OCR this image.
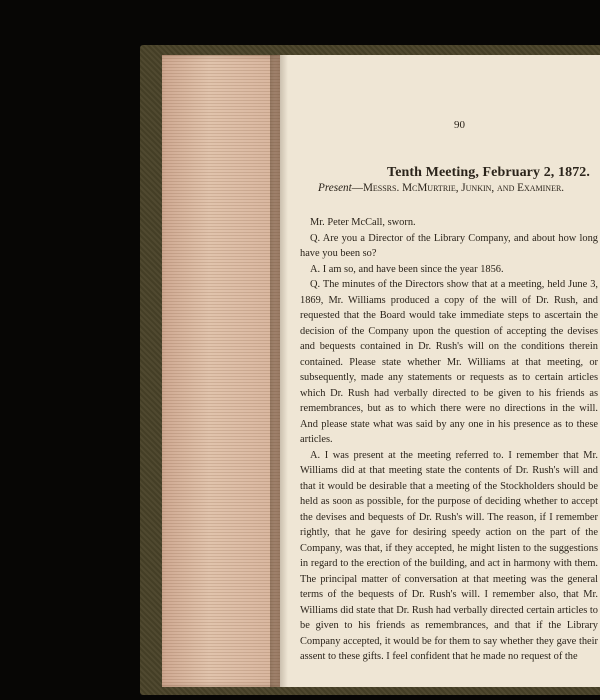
90
Tenth Meeting, February 2, 1872.
Present—Messrs. McMurtrie, Junkin, and Examiner.

Mr. Peter McCall, sworn.

Q. Are you a Director of the Library Company, and about how long have you been so?

A. I am so, and have been since the year 1856.

Q. The minutes of the Directors show that at a meeting, held June 3, 1869, Mr. Williams produced a copy of the will of Dr. Rush, and requested that the Board would take immediate steps to ascertain the decision of the Company upon the question of accepting the devises and bequests contained in Dr. Rush's will on the conditions therein contained. Please state whether Mr. Williams at that meeting, or subsequently, made any statements or requests as to certain articles which Dr. Rush had verbally directed to be given to his friends as remembrances, but as to which there were no directions in the will. And please state what was said by any one in his presence as to these articles.

A. I was present at the meeting referred to. I remember that Mr. Williams did at that meeting state the contents of Dr. Rush's will and that it would be desirable that a meeting of the Stockholders should be held as soon as possible, for the purpose of deciding whether to accept the devises and bequests of Dr. Rush's will. The reason, if I remember rightly, that he gave for desiring speedy action on the part of the Company, was that, if they accepted, he might listen to the suggestions in regard to the erection of the building, and act in harmony with them. The principal matter of conversation at that meeting was the general terms of the bequests of Dr. Rush's will. I remember also, that Mr. Williams did state that Dr. Rush had verbally directed certain articles to be given to his friends as remembrances, and that if the Library Company accepted, it would be for them to say whether they gave their assent to these gifts. I feel confident that he made no request of the
